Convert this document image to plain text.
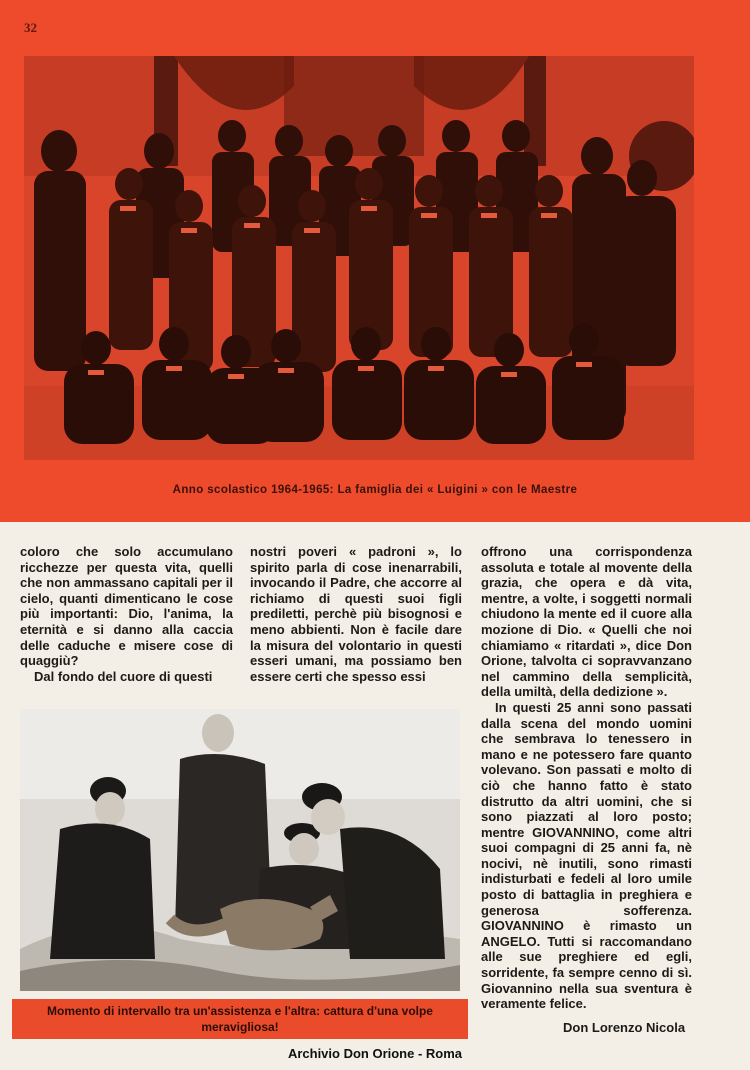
32
Anno scolastico 1964-1965: La famiglia dei « Luigini » con le Maestre

coloro che solo accumulano ricchezze per questa vita, quelli che non ammassano capitali per il cielo, quanti dimenticano le cose più importanti: Dio, l'anima, la eternità e si danno alla caccia delle caduche e misere cose di quaggiù?

Dal fondo del cuore di questi

nostri poveri « padroni », lo spirito parla di cose inenarrabili, invocando il Padre, che accorre al richiamo di questi suoi figli prediletti, perchè più bisognosi e meno abbienti. Non è facile dare la misura del volontario in questi esseri umani, ma possiamo ben essere certi che spesso essi

offrono una corrispondenza assoluta e totale al movente della grazia, che opera e dà vita, mentre, a volte, i soggetti normali chiudono la mente ed il cuore alla mozione di Dio. « Quelli che noi chiamiamo « ritardati », dice Don Orione, talvolta ci sopravvanzano nel cammino della semplicità, della umiltà, della dedizione ».

In questi 25 anni sono passati dalla scena del mondo uomini che sembrava lo tenessero in mano e ne potessero fare quanto volevano. Son passati e molto di ciò che hanno fatto è stato distrutto da altri uomini, che si sono piazzati al loro posto; mentre GIOVANNINO, come altri suoi compagni di 25 anni fa, nè nocivi, nè inutili, sono rimasti indisturbati e fedeli al loro umile posto di battaglia in preghiera e generosa sofferenza. GIOVANNINO è rimasto un ANGELO. Tutti si raccomandano alle sue preghiere ed egli, sorridente, fa sempre cenno di sì. Giovannino nella sua sventura è veramente felice.

Momento di intervallo tra un'assistenza e l'altra: cattura d'una volpe meravigliosa!	Don Lorenzo Nicola
Archivio Don Orione - Roma
